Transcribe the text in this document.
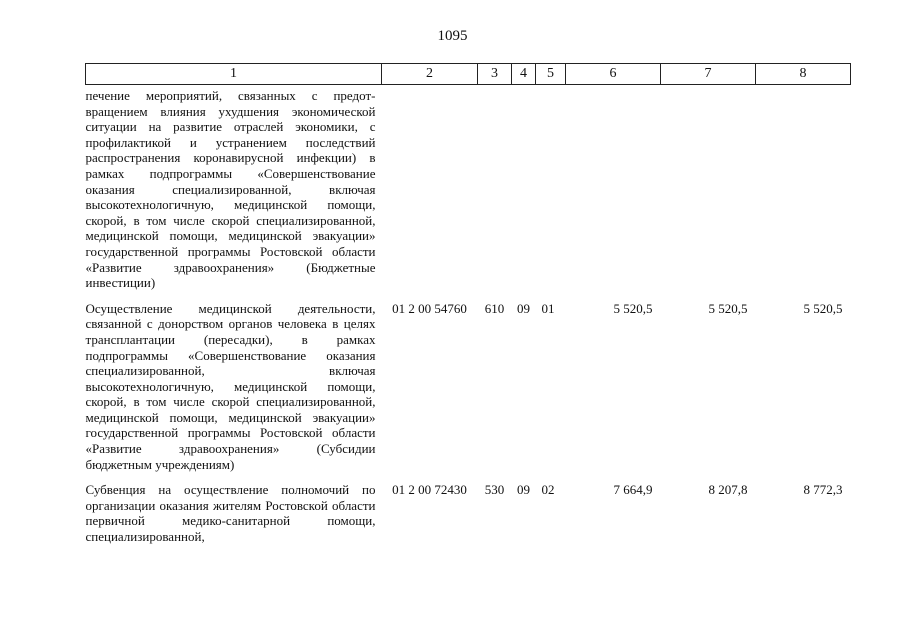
1095
1	2	3	4	5	6	7	8
печение мероприятий, связанных с предотвращением влияния ухудшения экономической ситуации на развитие отраслей экономики, с профилактикой и устранением последствий распространения коронавирусной инфекции) в рамках подпрограммы «Совершенствование оказания специализированной, включая высокотехнологичную, медицинской помощи, скорой, в том числе скорой специализированной, медицинской помощи, медицинской эвакуации» государственной программы Ростовской области «Развитие здравоохранения» (Бюджетные инвестиции)							
Осуществление медицинской деятельности, связанной с донорством органов человека в целях трансплантации (пересадки), в рамках подпрограммы «Совершенствование оказания специализированной, включая высокотехнологичную, медицинской помощи, скорой, в том числе скорой специализированной, медицинской помощи, медицинской эвакуации» государственной программы Ростовской области «Развитие здравоохранения» (Субсидии бюджетным учреждениям)	01 2 00 54760	610	09	01	5 520,5	5 520,5	5 520,5

Субвенция на осуществление полномочий по организации оказания жителям Ростовской области первичной медико-санитарной помощи, специализированной,	01 2 00 72430	530	09	02	7 664,9	8 207,8	8 772,3
